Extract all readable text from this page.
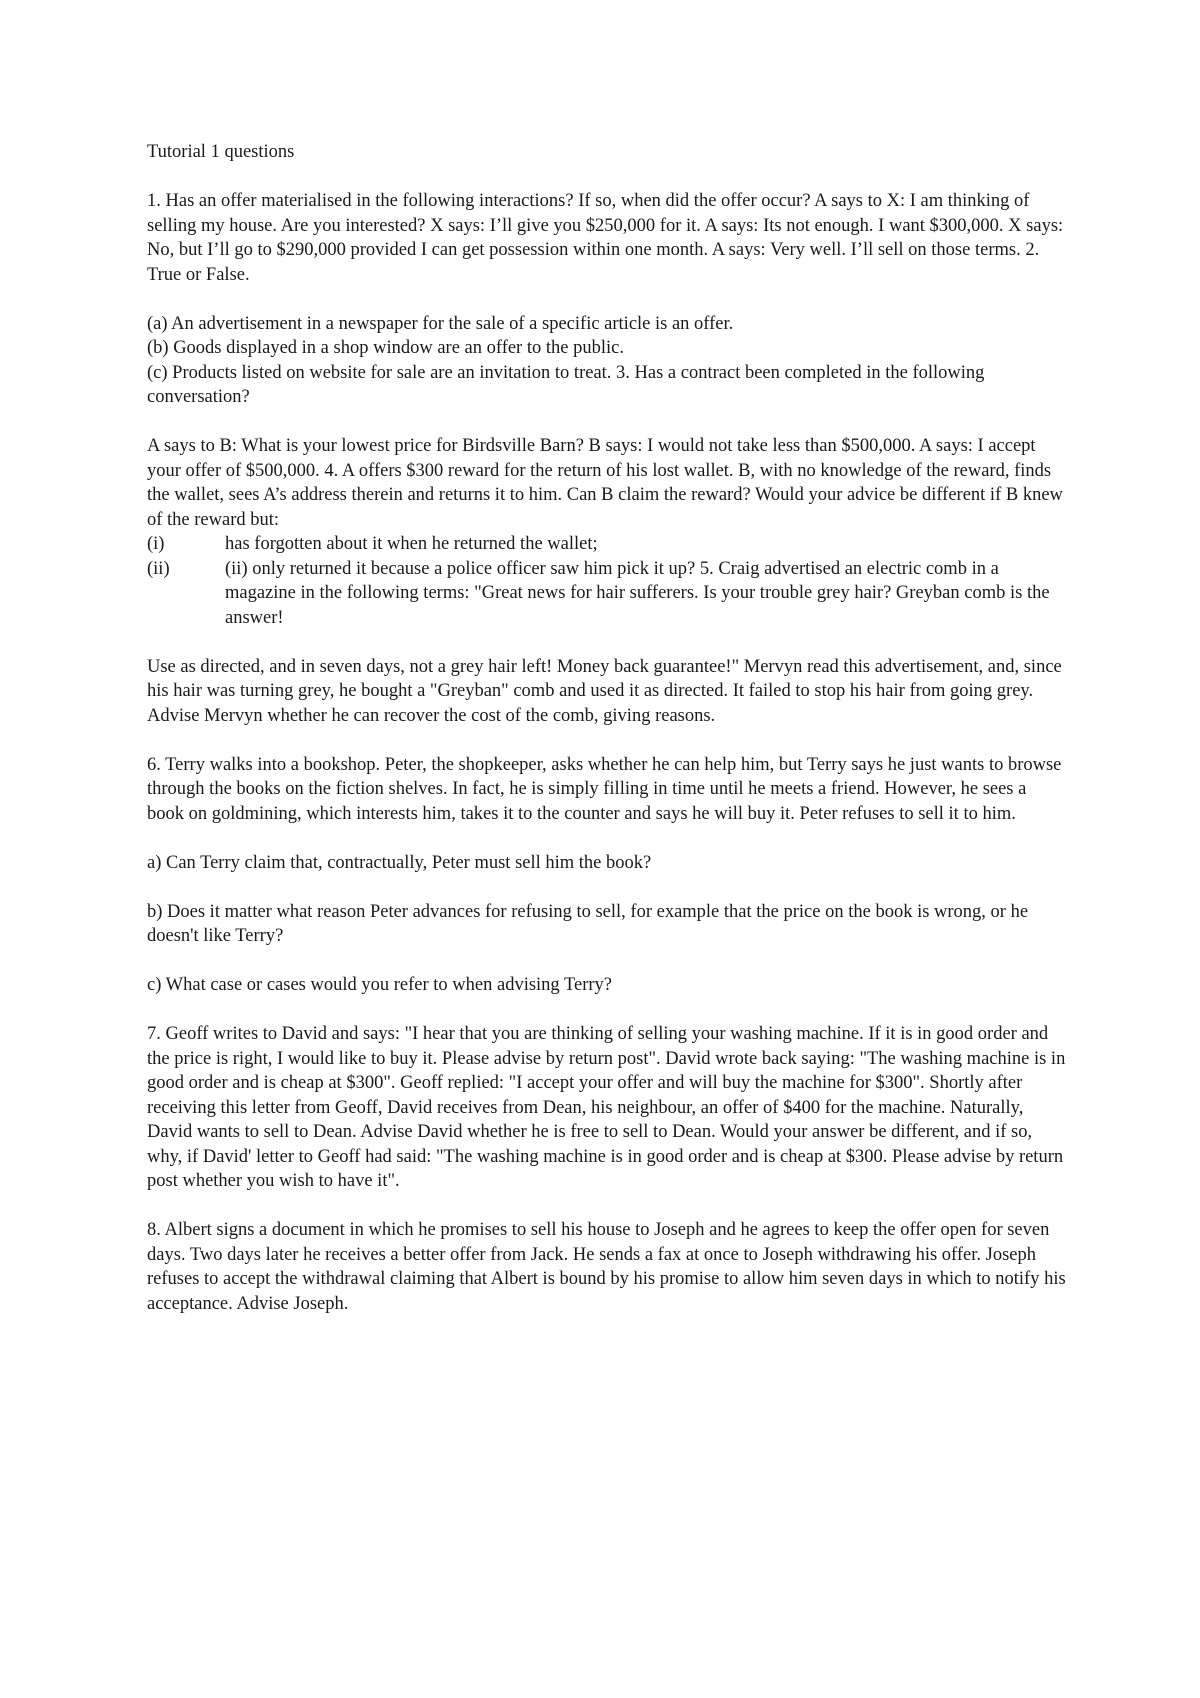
Tutorial 1 questions

1. Has an offer materialised in the following interactions? If so, when did the offer occur? A says to X: I am thinking of selling my house. Are you interested? X says: I’ll give you $250,000 for it. A says: Its not enough. I want $300,000. X says: No, but I’ll go to $290,000 provided I can get possession within one month. A says: Very well. I’ll sell on those terms. 2. True or False.

(a) An advertisement in a newspaper for the sale of a specific article is an offer.

(b) Goods displayed in a shop window are an offer to the public.

(c) Products listed on website for sale are an invitation to treat. 3. Has a contract been completed in the following conversation?

A says to B: What is your lowest price for Birdsville Barn? B says: I would not take less than $500,000. A says: I accept your offer of $500,000. 4. A offers $300 reward for the return of his lost wallet. B, with no knowledge of the reward, finds the wallet, sees A’s address therein and returns it to him. Can B claim the reward? Would your advice be different if B knew of the reward but:

(i)	has forgotten about it when he returned the wallet;
(ii)	(ii) only returned it because a police officer saw him pick it up? 5. Craig advertised an electric comb in a magazine in the following terms: "Great news for hair sufferers. Is your trouble grey hair? Greyban comb is the answer!

Use as directed, and in seven days, not a grey hair left! Money back guarantee!" Mervyn read this advertisement, and, since his hair was turning grey, he bought a "Greyban" comb and used it as directed. It failed to stop his hair from going grey. Advise Mervyn whether he can recover the cost of the comb, giving reasons.

6. Terry walks into a bookshop. Peter, the shopkeeper, asks whether he can help him, but Terry says he just wants to browse through the books on the fiction shelves. In fact, he is simply filling in time until he meets a friend. However, he sees a book on goldmining, which interests him, takes it to the counter and says he will buy it. Peter refuses to sell it to him.

a) Can Terry claim that, contractually, Peter must sell him the book?

b) Does it matter what reason Peter advances for refusing to sell, for example that the price on the book is wrong, or he doesn't like Terry?

c) What case or cases would you refer to when advising Terry?

7. Geoff writes to David and says: "I hear that you are thinking of selling your washing machine. If it is in good order and the price is right, I would like to buy it. Please advise by return post". David wrote back saying: "The washing machine is in good order and is cheap at $300". Geoff replied: "I accept your offer and will buy the machine for $300". Shortly after receiving this letter from Geoff, David receives from Dean, his neighbour, an offer of $400 for the machine. Naturally, David wants to sell to Dean. Advise David whether he is free to sell to Dean. Would your answer be different, and if so, why, if David' letter to Geoff had said: "The washing machine is in good order and is cheap at $300. Please advise by return post whether you wish to have it".

8. Albert signs a document in which he promises to sell his house to Joseph and he agrees to keep the offer open for seven days. Two days later he receives a better offer from Jack. He sends a fax at once to Joseph withdrawing his offer. Joseph refuses to accept the withdrawal claiming that Albert is bound by his promise to allow him seven days in which to notify his acceptance. Advise Joseph.
